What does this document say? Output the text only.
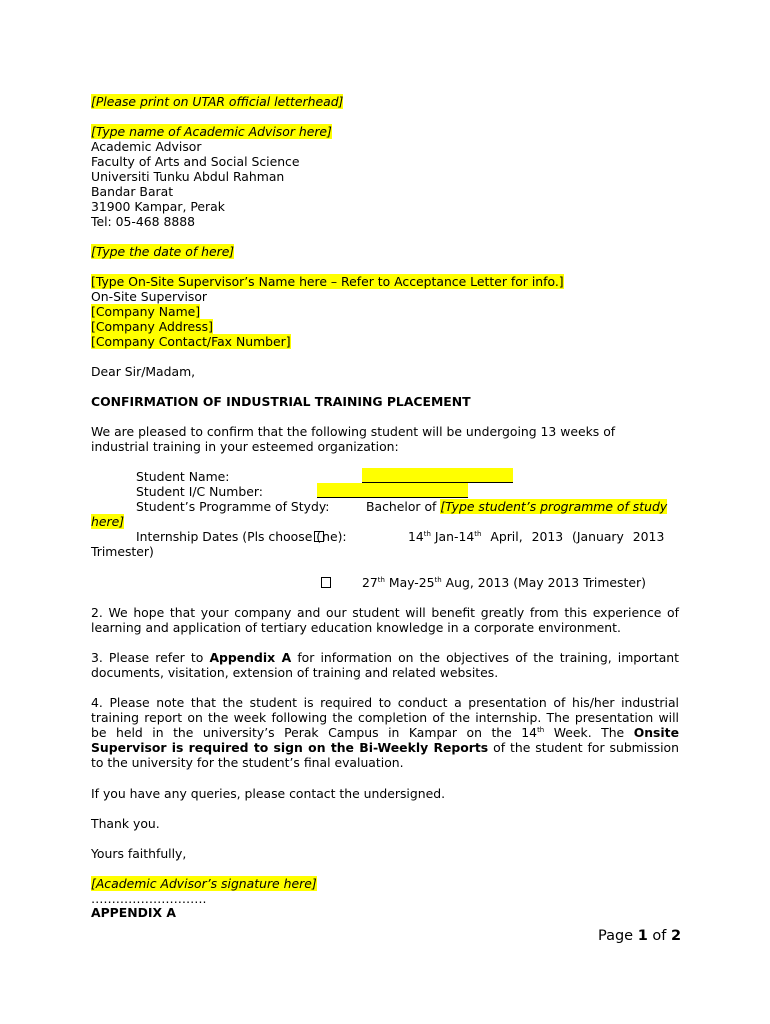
[Please print on UTAR official letterhead]
[Type name of Academic Advisor here]
Academic Advisor
Faculty of Arts and Social Science
Universiti Tunku Abdul Rahman
Bandar Barat
31900 Kampar, Perak
Tel: 05-468 8888
[Type the date of here]
[Type On-Site Supervisor’s Name here – Refer to Acceptance Letter for info.]
On-Site Supervisor
[Company Name]
[Company Address]
[Company Contact/Fax Number]
Dear Sir/Madam,
CONFIRMATION OF INDUSTRIAL TRAINING PLACEMENT
We are pleased to confirm that the following student will be undergoing 13 weeks of
industrial training in your esteemed organization:
Student Name:
Student I/C Number:
Student’s Programme of Stydy:	Bachelor of [Type student’s programme of study
here]
Internship Dates (Pls choose (ne):	14th Jan-14th April, 2013 (January 2013
Trimester)
27th May-25th Aug, 2013 (May 2013 Trimester)
2. We hope that your company and our student will benefit greatly from this experience of
learning and application of tertiary education knowledge in a corporate environment.
3. Please refer to Appendix A for information on the objectives of the training, important
documents, visitation, extension of training and related websites.
4. Please note that the student is required to conduct a presentation of his/her industrial
training report on the week following the completion of the internship. The presentation will
be held in the university’s Perak Campus in Kampar on the 14th Week. The Onsite
Supervisor is required to sign on the Bi-Weekly Reports of the student for submission
to the university for the student’s final evaluation.
If you have any queries, please contact the undersigned.
Thank you.
Yours faithfully,
[Academic Advisor’s signature here]
……………………….
APPENDIX A
Page 1 of 2
